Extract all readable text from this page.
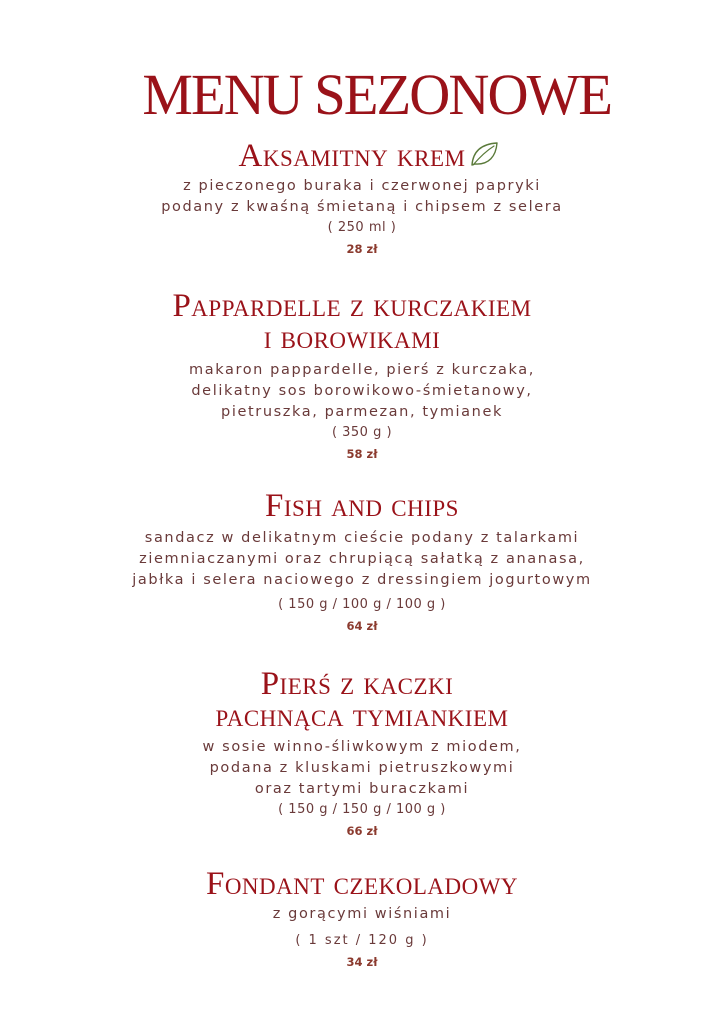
MENU SEZONOWE
Aksamitny krem
z pieczonego buraka i czerwonej papryki
podany z kwaśną śmietaną i chipsem z selera
( 250 ml )
28 zł
Pappardelle z kurczakiem
i borowikami
makaron pappardelle, pierś z kurczaka,
delikatny sos borowikowo-śmietanowy,
pietruszka, parmezan, tymianek
( 350 g )
58 zł
Fish and chips
sandacz w delikatnym cieście podany z talarkami
ziemniaczanymi oraz chrupiącą sałatką z ananasa,
jabłka i selera naciowego z dressingiem jogurtowym
( 150 g / 100 g / 100 g )
64 zł
Pierś z kaczki
pachnąca tymiankiem
w sosie winno-śliwkowym z miodem,
podana z kluskami pietruszkowymi
oraz tartymi buraczkami
( 150 g / 150 g / 100 g )
66 zł
Fondant czekoladowy
z gorącymi wiśniami
( 1 szt / 120 g )
34 zł
